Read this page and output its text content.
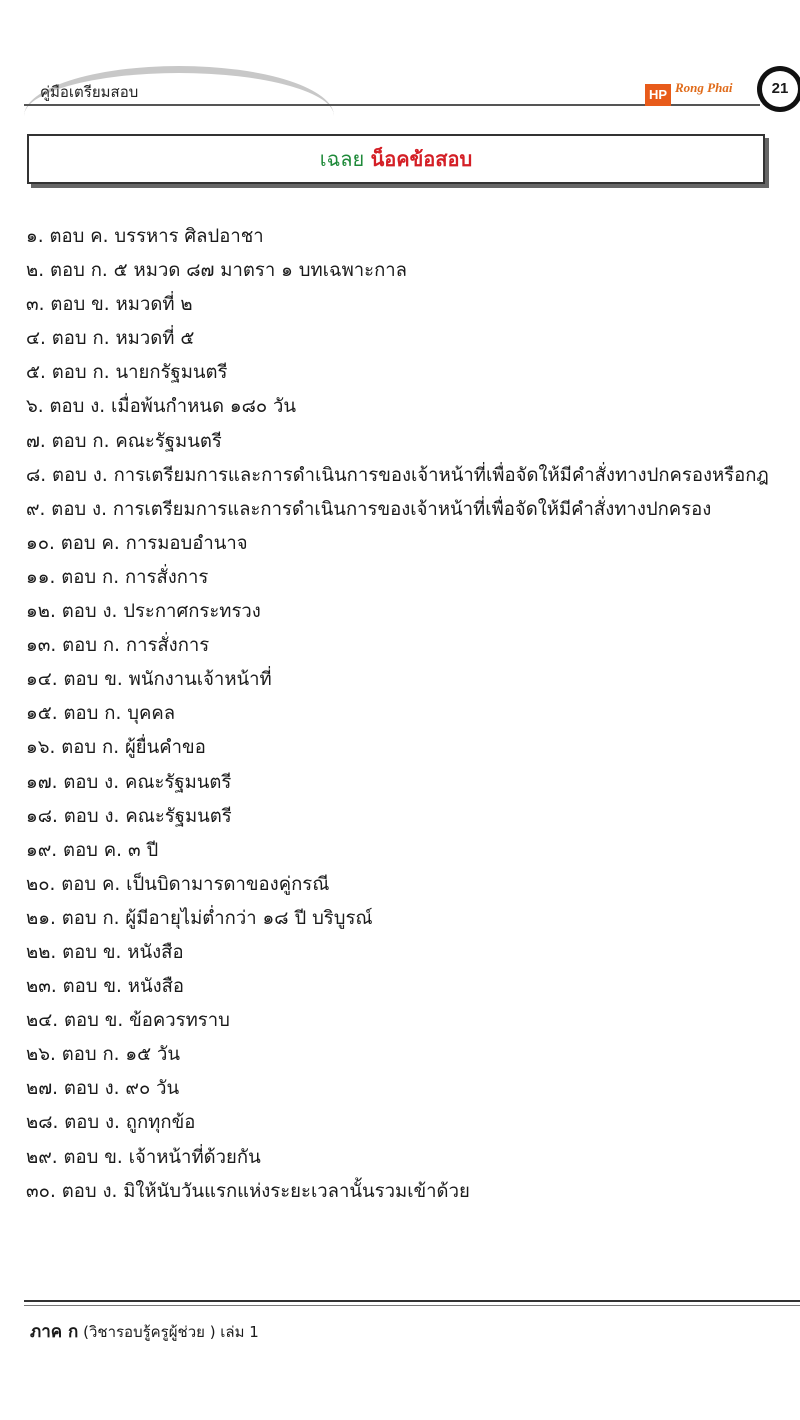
คู่มือเตรียมสอบ	HP Rong Phai	21
เฉลย น็อคข้อสอบ
๑. ตอบ ค. บรรหาร ศิลปอาชา
๒. ตอบ ก. ๕ หมวด ๘๗ มาตรา ๑ บทเฉพาะกาล
๓. ตอบ ข. หมวดที่ ๒
๔. ตอบ ก. หมวดที่ ๕
๕. ตอบ ก. นายกรัฐมนตรี
๖. ตอบ ง. เมื่อพ้นกำหนด ๑๘๐ วัน
๗. ตอบ ก. คณะรัฐมนตรี
๘. ตอบ ง. การเตรียมการและการดำเนินการของเจ้าหน้าที่เพื่อจัดให้มีคำสั่งทางปกครองหรือกฎ
๙. ตอบ ง. การเตรียมการและการดำเนินการของเจ้าหน้าที่เพื่อจัดให้มีคำสั่งทางปกครอง
๑๐. ตอบ ค. การมอบอำนาจ
๑๑. ตอบ ก. การสั่งการ
๑๒. ตอบ ง. ประกาศกระทรวง
๑๓. ตอบ ก. การสั่งการ
๑๔. ตอบ ข. พนักงานเจ้าหน้าที่
๑๕. ตอบ ก. บุคคล
๑๖. ตอบ ก. ผู้ยื่นคำขอ
๑๗. ตอบ ง. คณะรัฐมนตรี
๑๘. ตอบ ง. คณะรัฐมนตรี
๑๙. ตอบ ค. ๓ ปี
๒๐. ตอบ ค. เป็นบิดามารดาของคู่กรณี
๒๑. ตอบ ก. ผู้มีอายุไม่ต่ำกว่า ๑๘ ปี บริบูรณ์
๒๒. ตอบ ข. หนังสือ
๒๓. ตอบ ข. หนังสือ
๒๔. ตอบ ข. ข้อควรทราบ
๒๖. ตอบ ก. ๑๕ วัน
๒๗. ตอบ ง. ๙๐ วัน
๒๘. ตอบ ง. ถูกทุกข้อ
๒๙. ตอบ ข. เจ้าหน้าที่ด้วยกัน
๓๐. ตอบ ง. มิให้นับวันแรกแห่งระยะเวลานั้นรวมเข้าด้วย
ภาค ก (วิชารอบรู้ครูผู้ช่วย ) เล่ม 1
